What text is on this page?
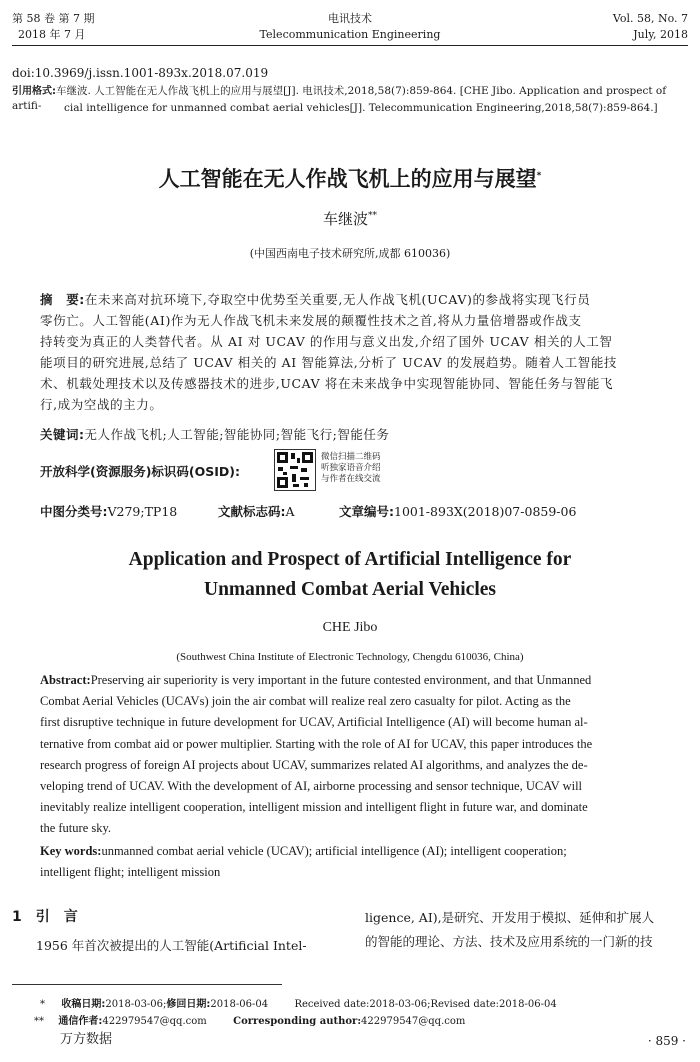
第 58 卷 第 7 期
2018 年 7 月
电讯技术
Telecommunication Engineering
Vol. 58, No. 7
July, 2018
doi:10.3969/j.issn.1001-893x.2018.07.019
引用格式:车继波. 人工智能在无人作战飞机上的应用与展望[J]. 电讯技术,2018,58(7):859-864. [CHE Jibo. Application and prospect of artifi-	cial intelligence for unmanned combat aerial vehicles[J]. Telecommunication Engineering,2018,58(7):859-864.]
人工智能在无人作战飞机上的应用与展望*
车继波**
(中国西南电子技术研究所,成都 610036)
摘　要:在未来高对抗环境下,夺取空中优势至关重要,无人作战飞机(UCAV)的参战将实现飞行员
零伤亡。人工智能(AI)作为无人作战飞机未来发展的颠覆性技术之首,将从力量倍增器或作战支
持转变为真正的人类替代者。从 AI 对 UCAV 的作用与意义出发,介绍了国外 UCAV 相关的人工智
能项目的研究进展,总结了 UCAV 相关的 AI 智能算法,分析了 UCAV 的发展趋势。随着人工智能技
术、机载处理技术以及传感器技术的进步,UCAV 将在未来战争中实现智能协同、智能任务与智能飞
行,成为空战的主力。
关键词:无人作战飞机;人工智能;智能协同;智能飞行;智能任务
开放科学(资源服务)标识码(OSID):
微信扫描二维码
听独家语音介绍
与作者在线交流
中图分类号:V279;TP18	文献标志码:A	文章编号:1001-893X(2018)07-0859-06
Application and Prospect of Artificial Intelligence for
Unmanned Combat Aerial Vehicles
CHE Jibo
(Southwest China Institute of Electronic Technology, Chengdu 610036, China)
Abstract:Preserving air superiority is very important in the future contested environment, and that Unmanned
Combat Aerial Vehicles (UCAVs) join the air combat will realize real zero casualty for pilot. Acting as the
first disruptive technique in future development for UCAV, Artificial Intelligence (AI) will become human al-
ternative from combat aid or power multiplier. Starting with the role of AI for UCAV, this paper introduces the
research progress of foreign AI projects about UCAV, summarizes related AI algorithms, and analyzes the de-
veloping trend of UCAV. With the development of AI, airborne processing and sensor technique, UCAV will
inevitably realize intelligent cooperation, intelligent mission and intelligent flight in future war, and dominate
the future sky.
Key words:unmanned combat aerial vehicle (UCAV); artificial intelligence (AI); intelligent cooperation;
intelligent flight; intelligent mission
1 引　言
1956 年首次被提出的人工智能(Artificial Intel-
ligence, AI),是研究、开发用于模拟、延伸和扩展人
的智能的理论、方法、技术及应用系统的一门新的技
* 收稿日期:2018-03-06;修回日期:2018-06-04	Received date:2018-03-06;Revised date:2018-06-04
** 通信作者:422979547@qq.com	Corresponding author:422979547@qq.com
万方数据	· 859 ·
